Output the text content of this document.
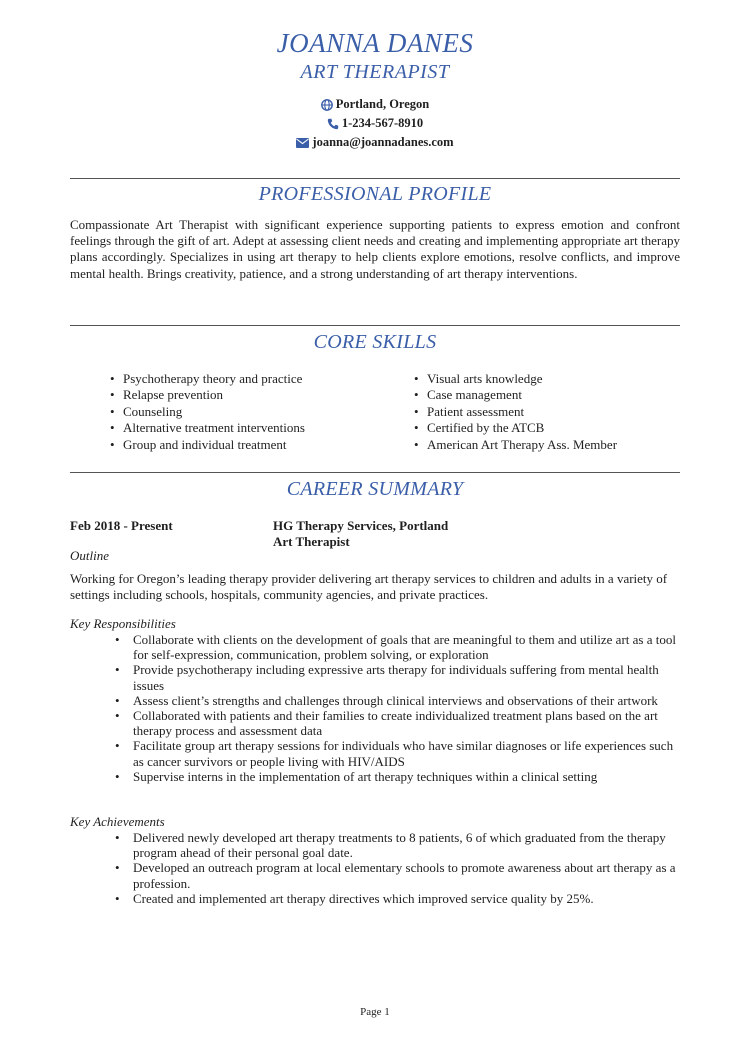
JOANNA DANES
ART THERAPIST
Portland, Oregon
1-234-567-8910
joanna@joannadanes.com
PROFESSIONAL PROFILE
Compassionate Art Therapist with significant experience supporting patients to express emotion and confront feelings through the gift of art. Adept at assessing client needs and creating and implementing appropriate art therapy plans accordingly. Specializes in using art therapy to help clients explore emotions, resolve conflicts, and improve mental health. Brings creativity, patience, and a strong understanding of art therapy interventions.
CORE SKILLS
• Psychotherapy theory and practice
• Relapse prevention
• Counseling
• Alternative treatment interventions
• Group and individual treatment
• Visual arts knowledge
• Case management
• Patient assessment
• Certified by the ATCB
• American Art Therapy Ass. Member
CAREER SUMMARY
Feb 2018 - Present	HG Therapy Services, Portland
Art Therapist
Outline
Working for Oregon’s leading therapy provider delivering art therapy services to children and adults in a variety of settings including schools, hospitals, community agencies, and private practices.
Key Responsibilities
• Collaborate with clients on the development of goals that are meaningful to them and utilize art as a tool for self-expression, communication, problem solving, or exploration
• Provide psychotherapy including expressive arts therapy for individuals suffering from mental health issues
• Assess client’s strengths and challenges through clinical interviews and observations of their artwork
• Collaborated with patients and their families to create individualized treatment plans based on the art therapy process and assessment data
• Facilitate group art therapy sessions for individuals who have similar diagnoses or life experiences such as cancer survivors or people living with HIV/AIDS
• Supervise interns in the implementation of art therapy techniques within a clinical setting
Key Achievements
• Delivered newly developed art therapy treatments to 8 patients, 6 of which graduated from the therapy program ahead of their personal goal date.
• Developed an outreach program at local elementary schools to promote awareness about art therapy as a profession.
• Created and implemented art therapy directives which improved service quality by 25%.
Page 1
